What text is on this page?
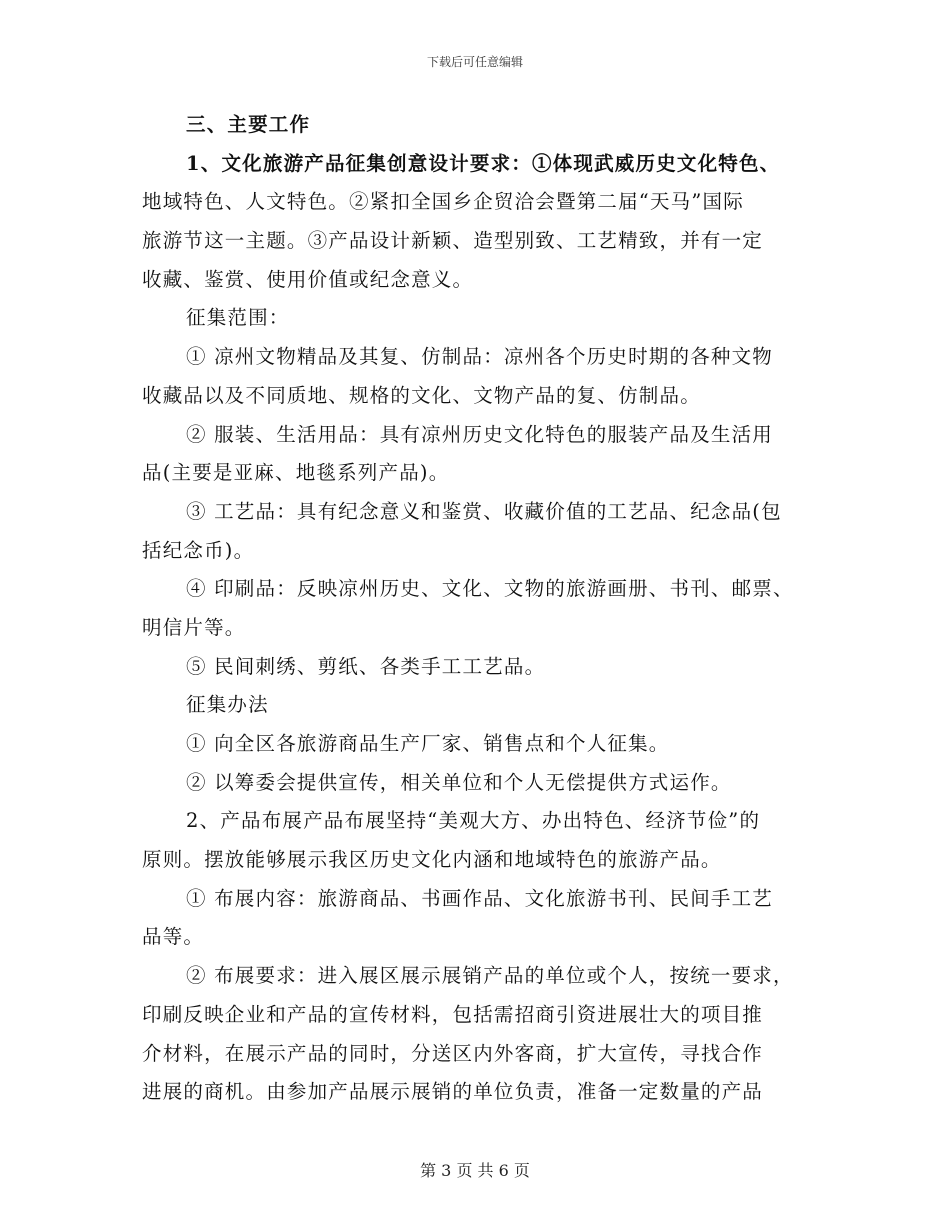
下载后可任意编辑
三、主要工作
1、文化旅游产品征集创意设计要求：①体现武威历史文化特色、
地域特色、人文特色。②紧扣全国乡企贸洽会暨第二届“天马”国际
旅游节这一主题。③产品设计新颖、造型别致、工艺精致，并有一定
收藏、鉴赏、使用价值或纪念意义。
征集范围：
① 凉州文物精品及其复、仿制品：凉州各个历史时期的各种文物
收藏品以及不同质地、规格的文化、文物产品的复、仿制品。
② 服装、生活用品：具有凉州历史文化特色的服装产品及生活用
品(主要是亚麻、地毯系列产品)。
③ 工艺品：具有纪念意义和鉴赏、收藏价值的工艺品、纪念品(包
括纪念币)。
④ 印刷品：反映凉州历史、文化、文物的旅游画册、书刊、邮票、
明信片等。
⑤ 民间刺绣、剪纸、各类手工工艺品。
征集办法
① 向全区各旅游商品生产厂家、销售点和个人征集。
② 以筹委会提供宣传，相关单位和个人无偿提供方式运作。
2、产品布展产品布展坚持“美观大方、办出特色、经济节俭”的
原则。摆放能够展示我区历史文化内涵和地域特色的旅游产品。
① 布展内容：旅游商品、书画作品、文化旅游书刊、民间手工艺
品等。
② 布展要求：进入展区展示展销产品的单位或个人，按统一要求，
印刷反映企业和产品的宣传材料，包括需招商引资进展壮大的项目推
介材料，在展示产品的同时，分送区内外客商，扩大宣传，寻找合作
进展的商机。由参加产品展示展销的单位负责，准备一定数量的产品
第 3 页 共 6 页
